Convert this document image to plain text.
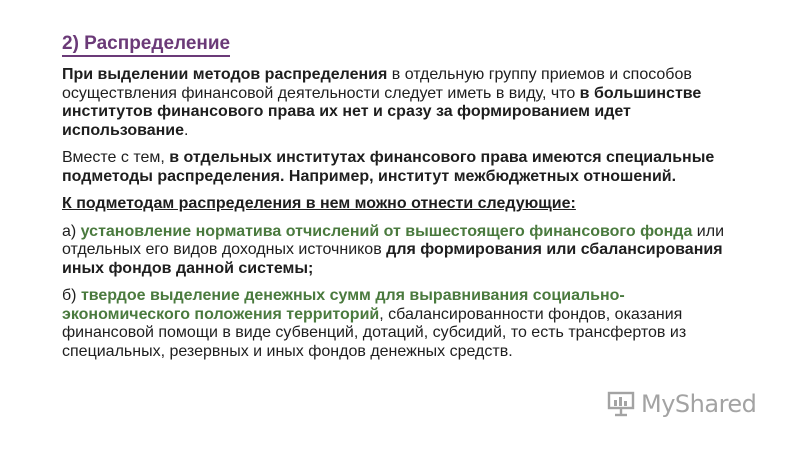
2) Распределение

При выделении методов распределения в отдельную группу приемов и способов осуществления финансовой деятельности следует иметь в виду, что в большинстве институтов финансового права их нет и сразу за формированием идет использование.

Вместе с тем, в отдельных институтах финансового права имеются специальные подметоды распределения. Например, институт межбюджетных отношений.

К подметодам распределения в нем можно отнести следующие:

а) установление норматива отчислений от вышестоящего финансового фонда или отдельных его видов доходных источников для формирования или сбалансирования иных фондов данной системы;

б) твердое выделение денежных сумм для выравнивания социально-экономического положения территорий, сбалансированности фондов, оказания финансовой помощи в виде субвенций, дотаций, субсидий, то есть трансфертов из специальных, резервных и иных фондов денежных средств.

MyShared
